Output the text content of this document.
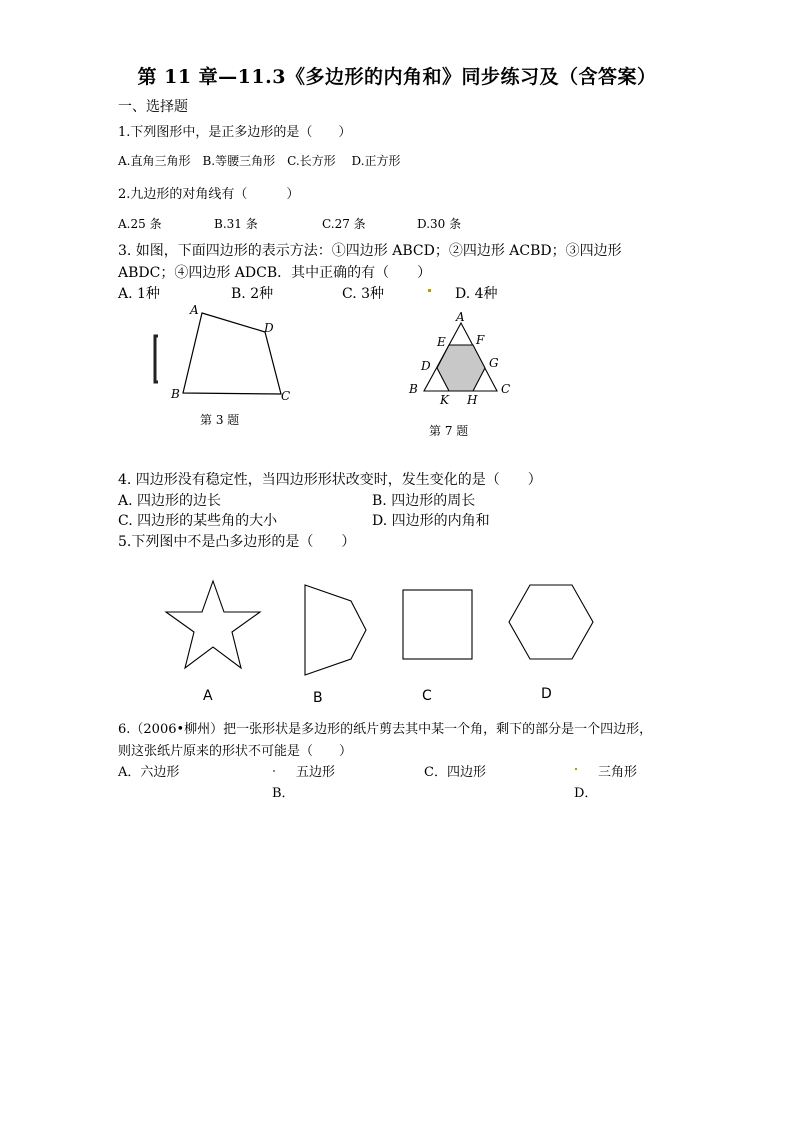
第 11 章—11.3《多边形的内角和》同步练习及（含答案）
一、选择题
1.下列图形中，是正多边形的是（　　）
A.直角三角形　B.等腰三角形　C.长方形　 D.正方形
2.九边形的对角线有（　　　）
A.25 条	B.31 条	C.27 条	D.30 条
3. 如图，下面四边形的表示方法：①四边形 ABCD；②四边形 ACBD；③四边形
ABDC；④四边形 ADCB．其中正确的有（　　）
A. 1种	B. 2种	C. 3种	D. 4种
A
D
B	C
第 3 题
A
E	F
D	G
B	C
K H
第 7 题
4. 四边形没有稳定性，当四边形形状改变时，发生变化的是（　　）
A. 四边形的边长	B. 四边形的周长
C. 四边形的某些角的大小	D. 四边形的内角和
5.下列图中不是凸多边形的是（　　）
A	B	C	D
6.（2006•柳州）把一张形状是多边形的纸片剪去其中某一个角，剩下的部分是一个四边形，
则这张纸片原来的形状不可能是（　　）
A．六边形	五边形
B．
C．四边形	三角形
D．
